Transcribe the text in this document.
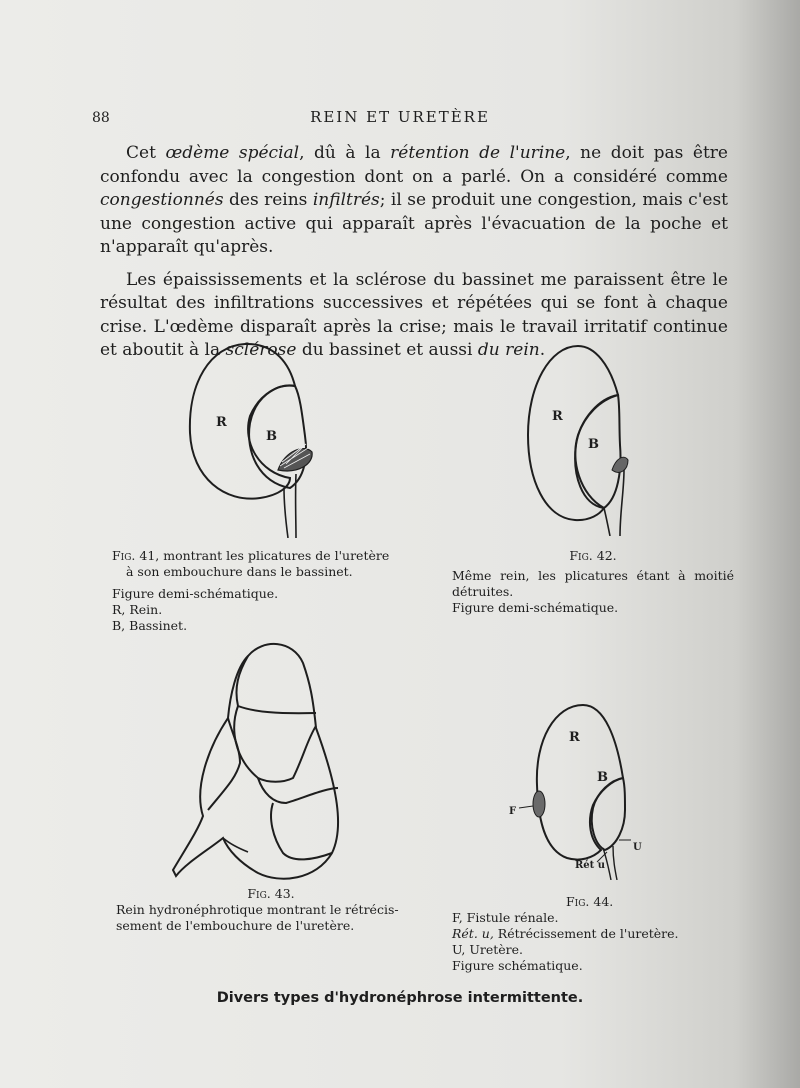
88	REIN ET URETÈRE

Cet œdème spécial, dû à la rétention de l'urine, ne doit pas être confondu avec la congestion dont on a parlé. On a considéré comme congestionnés des reins infiltrés; il se produit une congestion, mais c'est une congestion active qui apparaît après l'évacuation de la poche et n'apparaît qu'après.

Les épaississements et la sclérose du bassinet me paraissent être le résultat des infiltrations successives et répétées qui se font à chaque crise. L'œdème disparaît après la crise; mais le travail irritatif continue et aboutit à la sclérose du bassinet et aussi du rein.

R
B
R
B
Fig. 41, montrant les plicatures de l'uretère
à son embouchure dans le bassinet.
Figure demi-schématique.
R, Rein.
B, Bassinet.
Fig. 42.
Même rein, les plicatures étant à moitié
détruites.
Figure demi-schématique.
R
B
F
U
Rét u
Fig. 43.
Rein hydronéphrotique montrant le rétrécis-
sement de l'embouchure de l'uretère.
Fig. 44.
F, Fistule rénale.
Rét. u, Rétrécissement de l'uretère.
U, Uretère.
Figure schématique.
Divers types d'hydronéphrose intermittente.
